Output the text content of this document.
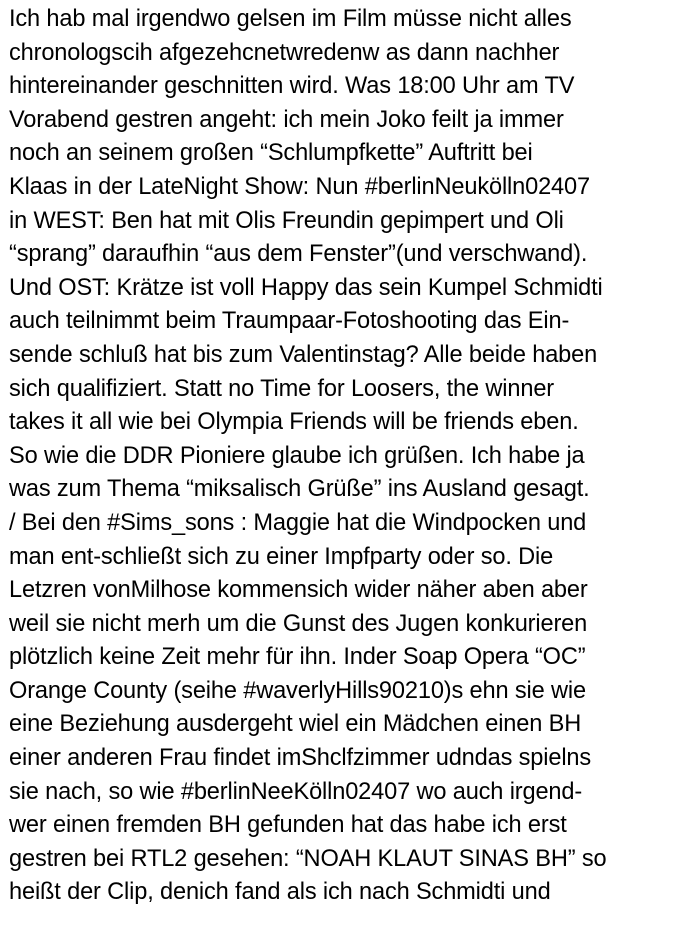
Ich hab mal irgendwo gelsen im Film müsse nicht alles
chronologscih afgezehcnetwredenw as dann nachher
hintereinander geschnitten wird. Was 18:00 Uhr am TV
Vorabend gestren angeht: ich mein Joko feilt ja immer
noch an seinem großen “Schlumpfkette” Auftritt bei
Klaas in der LateNight Show: Nun #berlinNeukölln02407
in WEST: Ben hat mit Olis Freundin gepimpert und Oli
“sprang” daraufhin “aus dem Fenster”(und verschwand).
Und OST: Krätze ist voll Happy das sein Kumpel Schmidti
auch teilnimmt beim Traumpaar-Fotoshooting das Ein-
sende schluß hat bis zum Valentinstag? Alle beide haben
sich qualifiziert. Statt no Time for Loosers, the winner
takes it all wie bei Olympia Friends will be friends eben.
So wie die DDR Pioniere glaube ich grüßen. Ich habe ja
was zum Thema “miksalisch Grüße” ins Ausland gesagt.
/ Bei den #Sims_sons : Maggie hat die Windpocken und
man ent-schließt sich zu einer Impfparty oder so. Die
Letzren vonMilhose kommensich wider näher aben aber
weil sie nicht merh um die Gunst des Jugen konkurieren
plötzlich keine Zeit mehr für ihn. Inder Soap Opera “OC”
Orange County (seihe #waverlyHills90210)s ehn sie wie
eine Beziehung ausdergeht wiel ein Mädchen einen BH
einer anderen Frau findet imShclfzimmer udndas spielns
sie nach, so wie #berlinNeeKölln02407 wo auch irgend-
wer einen fremden BH gefunden hat das habe ich erst
gestren bei RTL2 gesehen: “NOAH KLAUT SINAS BH” so
heißt der Clip, denich fand als ich nach Schmidti und
